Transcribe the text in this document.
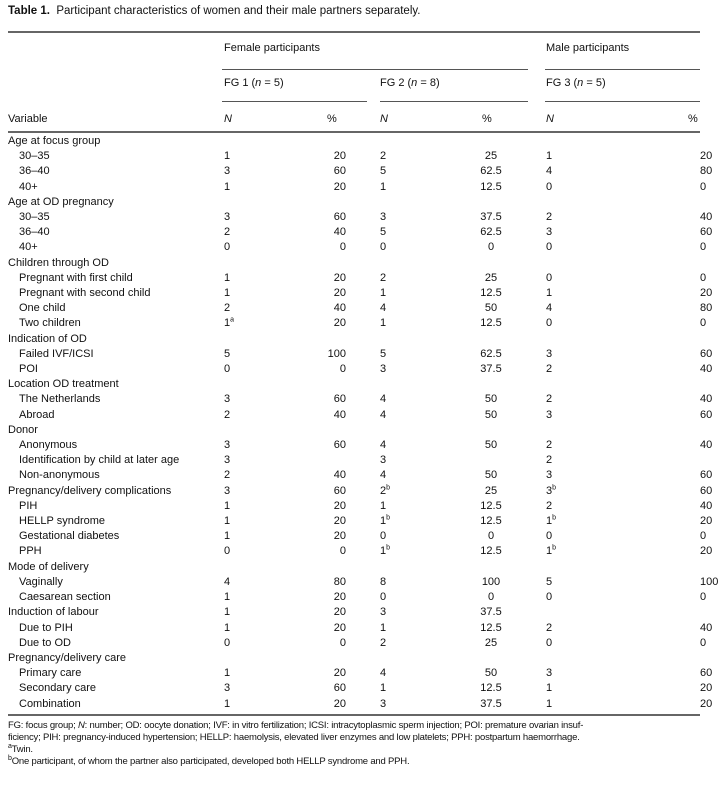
Table 1. Participant characteristics of women and their male partners separately.
Female participants	Male participants
FG 1 (n = 5)	FG 2 (n = 8)	FG 3 (n = 5)
Variable	N	%	N	%	N	%
Age at focus group									
30–35	1	20		2	25		1	20	
36–40	3	60		5	62.5		4	80	
40+	1	20		1	12.5		0	0	
Age at OD pregnancy									
30–35	3	60		3	37.5		2	40	
36–40	2	40		5	62.5		3	60	
40+	0	0		0	0		0	0	
Children through OD									
Pregnant with first child	1	20		2	25		0	0	
Pregnant with second child	1	20		1	12.5		1	20	
One child	2	40		4	50		4	80	
Two children	1$^a$	20		1	12.5		0	0	
Indication of OD									
Failed IVF/ICSI	5	100		5	62.5		3	60	
POI	0	0		3	37.5		2	40	
Location OD treatment									
The Netherlands	3	60		4	50		2	40	
Abroad	2	40		4	50		3	60	
Donor									
Anonymous	3	60		4	50		2	40	
Identification by child at later age	3			3			2		
Non-anonymous	2	40		4	50		3	60	
Pregnancy/delivery complications	3	60		2$^b$	25		3$^b$	60	
PIH	1	20		1	12.5		2	40	
HELLP syndrome	1	20		1$^b$	12.5		1$^b$	20	
Gestational diabetes	1	20		0	0		0	0	
PPH	0	0		1$^b$	12.5		1$^b$	20	
Mode of delivery									
Vaginally	4	80		8	100		5	100	
Caesarean section	1	20		0	0		0	0	
Induction of labour	1	20		3	37.5				
Due to PIH	1	20		1	12.5		2	40	
Due to OD	0	0		2	25		0	0	
Pregnancy/delivery care									
Primary care	1	20		4	50		3	60	
Secondary care	3	60		1	12.5		1	20	
Combination	1	20		3	37.5		1	20	
FG: focus group; N: number; OD: oocyte donation; IVF: in vitro fertilization; ICSI: intracytoplasmic sperm injection; POI: premature ovarian insuf-
ficiency; PIH: pregnancy-induced hypertension; HELLP: haemolysis, elevated liver enzymes and low platelets; PPH: postpartum haemorrhage.
$^a$Twin.
$^b$One participant, of whom the partner also participated, developed both HELLP syndrome and PPH.
